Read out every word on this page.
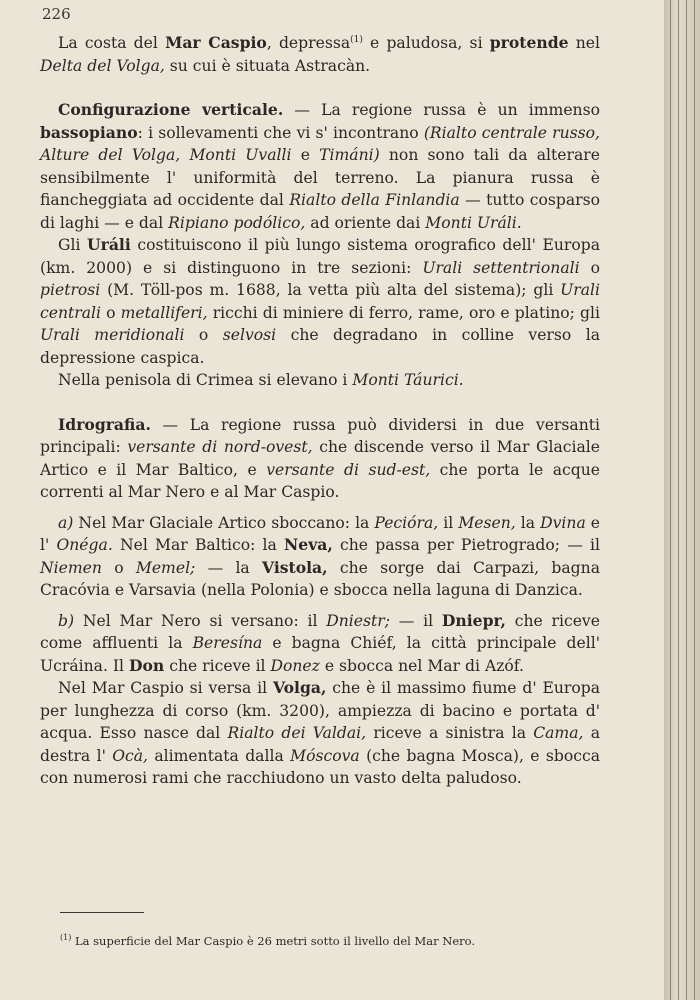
226

La costa del Mar Caspio, depressa$^{(1)}$ e paludosa, si protende nel Delta del Volga, su cui è situata Astracàn.

Configurazione verticale. — La regione russa è un immenso bassopiano: i sollevamenti che vi s' incontrano (Rialto centrale russo, Alture del Volga, Monti Uvalli e Timáni) non sono tali da alterare sensibilmente l' uniformità del terreno. La pianura russa è fiancheggiata ad occidente dal Rialto della Finlandia — tutto cosparso di laghi — e dal Ripiano podólico, ad oriente dai Monti Uráli.

Gli Uráli costituiscono il più lungo sistema orografico dell' Europa (km. 2000) e si distinguono in tre sezioni: Urali settentrionali o pietrosi (M. Töll-pos m. 1688, la vetta più alta del sistema); gli Urali centrali o metalliferi, ricchi di miniere di ferro, rame, oro e platino; gli Urali meridionali o selvosi che degradano in colline verso la depressione caspica.

Nella penisola di Crimea si elevano i Monti Táurici.

Idrografia. — La regione russa può dividersi in due versanti principali: versante di nord-ovest, che discende verso il Mar Glaciale Artico e il Mar Baltico, e versante di sud-est, che porta le acque correnti al Mar Nero e al Mar Caspio.

a) Nel Mar Glaciale Artico sboccano: la Peciόra, il Mesen, la Dvina e l' Onéga. Nel Mar Baltico: la Neva, che passa per Pietrogrado; — il Niemen o Memel; — la Vistola, che sorge dai Carpazi, bagna Cracóvia e Varsavia (nella Polonia) e sbocca nella laguna di Danzica.

b) Nel Mar Nero si versano: il Dniestr; — il Dniepr, che riceve come affluenti la Beresína e bagna Chiéf, la città principale dell' Ucráina. Il Don che riceve il Donez e sbocca nel Mar di Azóf.

Nel Mar Caspio si versa il Volga, che è il massimo fiume d' Europa per lunghezza di corso (km. 3200), ampiezza di bacino e portata d' acqua. Esso nasce dal Rialto dei Valdai, riceve a sinistra la Cama, a destra l' Ocà, alimentata dalla Móscova (che bagna Mosca), e sbocca con numerosi rami che racchiudono un vasto delta paludoso.

$^{(1)}$ La superficie del Mar Caspio è 26 metri sotto il livello del Mar Nero.
